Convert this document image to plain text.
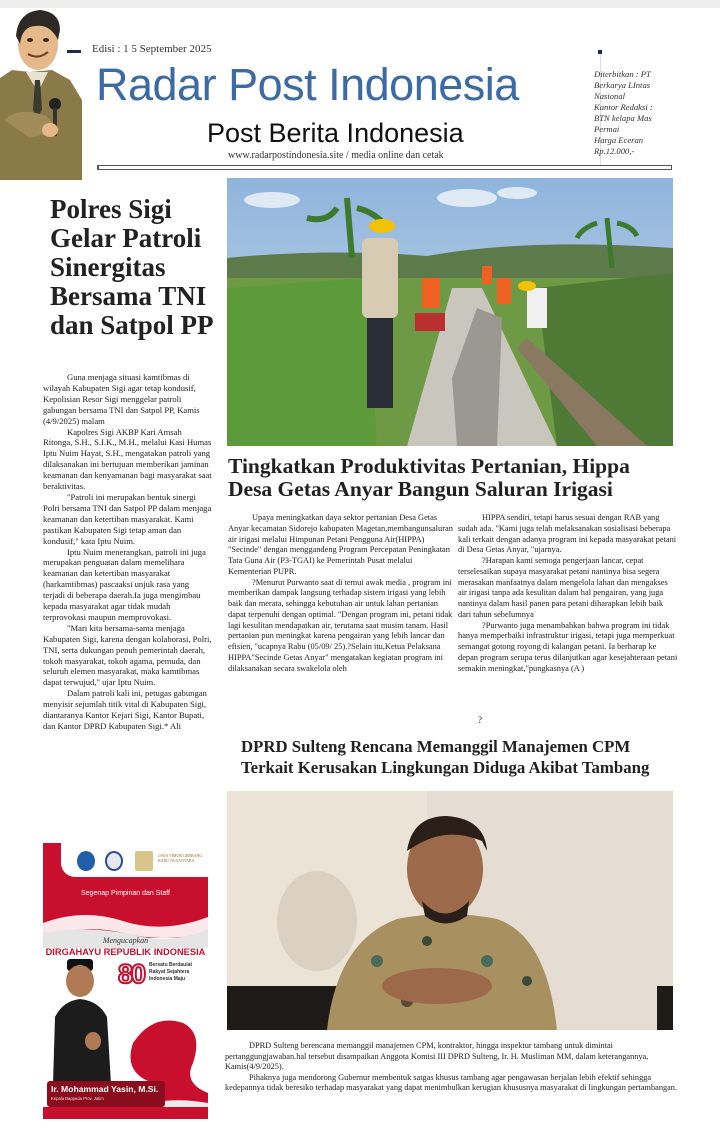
Edisi : 1 5 September 2025
Radar Post Indonesia
Post Berita Indonesia
www.radarpostindonesia.site / media online dan cetak
Diterbitkan : PT
Berkarya LIntas
Nasional
Kantor Redaksi :
BTN kelapa Mas
Permai
Harga Eceran
Rp.12.000,-
Polres Sigi Gelar Patroli Sinergitas Bersama TNI dan Satpol PP

Guna menjaga situasi kamtibmas di wilayah Kabupaten Sigi agar tetap kondusif, Kepolisian Resor Sigi menggelar patroli gabungan bersama TNI dan Satpol PP, Kamis (4/9/2025) malam

Kapolres Sigi AKBP Kari Amsah Ritonga, S.H., S.I.K., M.H., melalui Kasi Humas Iptu Nuim Hayat, S.H., mengatakan patroli yang dilaksanakan ini bertujuan memberikan jaminan keamanan dan kenyamanan bagi masyarakat saat beraktivitas.

"Patroli ini merupakan bentuk sinergi Polri bersama TNI dan Satpol PP dalam menjaga keamanan dan ketertiban masyarakat. Kami pastikan Kabupaten Sigi tetap aman dan kondusif," kata Iptu Nuim.

Iptu Nuim menerangkan, patroli ini juga merupakan penguatan dalam memelihara keamanan dan ketertiban masyarakat (harkamtibmas) pascaaksi unjuk rasa yang terjadi di beberapa daerah.Ia juga mengimbau kepada masyarakat agar tidak mudah terprovokasi maupun memprovokasi.

"Mari kita bersama-sama menjaga Kabupaten Sigi, karena dengan kolaborasi, Polri, TNI, serta dukungan penuh pemerintah daerah, tokoh masyarakat, tokoh agama, pemuda, dan seluruh elemen masyarakat, maka kamtibmas dapat terwujud," ujar Iptu Nuim.

Dalam patroli kali ini, petugas gabungan menyisir sejumlah titik vital di Kabupaten Sigi, diantaranya Kantor Kejari Sigi, Kantor Bupati, dan Kantor DPRD Kabupaten Sigi.* Ali

JAWA TIMUR GERBANG BARU NUSANTARA
Segenap Pimpinan dan Staff
Badan Perencanaan Pembangunan Daerah
Provinsi Jawa Timur
Mengucapkan
DIRGAHAYU REPUBLIK INDONESIA
80 Bersatu Berdaulat
Rakyat Sejahtera
Indonesia Maju
Ir. Mohammad Yasin, M.Si.
Kepala Bappeda Prov. Jatim
Tingkatkan Produktivitas Pertanian, Hippa Desa Getas Anyar Bangun Saluran Irigasi

Upaya meningkatkan daya sektor pertanian Desa Getas Anyar kecamatan Sidorejo kabupaten Magetan,membangunsaluran air irigasi melalui Himpunan Petani Pengguna Air(HIPPA) "Secinde" dengan menggandeng Program Percepatan Peningkatan Tata Guna Air (P3-TGAI) ke Pemerintah Pusat melalui Kementerian PUPR.

?Menurut Purwanto saat di temui awak media , program ini memberikan dampak langsung terhadap sistem irigasi yang lebih baik dan merata, sehingga kebutuhan air untuk lahan pertanian dapat terpenuhi dengan optimal. "Dengan program ini, petani tidak lagi kesulitan mendapatkan air, terutama saat musim tanam. Hasil pertanian pun meningkat karena pengairan yang lebih lancar dan efisien, "ucapnya Rabu (05/09/ 25).?Selain itu,Ketua Pelaksana HIPPA"Secinde Getas Anyar" mengatakan kegiatan program ini dilaksanakan secara swakelola oleh

HIPPA sendiri, tetapi harus sesuai dengan RAB yang sudah ada. "Kami juga telah melaksanakan sosialisasi beberapa kali terkait dengan adanya program ini kepada masyarakat petani di Desa Getas Anyar, "ujarnya.

?Harapan kami semoga pengerjaan lancar, cepat terselesaikan supaya masyarakat petani nantinya bisa segera merasakan manfaatnya dalam mengelola lahan dan mengakses air irigasi tanpa ada kesulitan dalam hal pengairan, yang juga nantinya dalam hasil panen para petani diharapkan lebih baik dari tahun sebelumnya

?Purwanto juga menambahkan bahwa program ini tidak hanya memperbaiki infrastruktur irigasi, tetapi juga memperkuat semangat gotong royong di kalangan petani. Ia berharap ke depan program serupa terus dilanjutkan agar kesejahteraan petani semakin meningkat,"pungkasnya (A )

?
DPRD Sulteng Rencana Memanggil Manajemen CPM Terkait Kerusakan Lingkungan Diduga Akibat Tambang

DPRD Sulteng berencana memanggil manajemen CPM, kontraktor, hingga inspektur tambang untuk dimintai pertanggungjawaban.hal tersebut disampaikan Anggota Komisi III DPRD Sulteng, Ir. H. Musliman MM, dalam keterangannya, Kamis(4/9/2025).

Pihaknya juga mendorong Gubernur membentuk satgas khusus tambang agar pengawasan berjalan lebih efektif sehingga kedepannya tidak beresiko terhadap masyarakat yang dapat menimbulkan kerugian khususnya masyarakat di lingkungan pertambangan.
